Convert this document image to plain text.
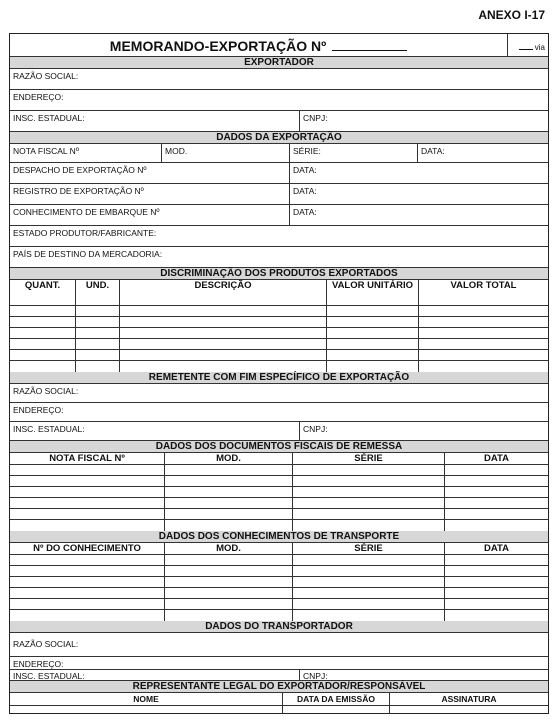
ANEXO I-17
MEMORANDO-EXPORTAÇÃO Nº	via
EXPORTADOR
RAZÃO SOCIAL:
ENDEREÇO:
INSC. ESTADUAL:	CNPJ:
DADOS DA EXPORTAÇÃO
NOTA FISCAL Nº	MOD.	SÉRIE:	DATA:
DESPACHO DE EXPORTAÇÃO Nº	DATA:
REGISTRO DE EXPORTAÇÃO Nº	DATA:
CONHECIMENTO DE EMBARQUE Nº	DATA:
ESTADO PRODUTOR/FABRICANTE:
PAÍS DE DESTINO DA MERCADORIA:
DISCRIMINAÇÃO DOS PRODUTOS EXPORTADOS
QUANT.	UND.	DESCRIÇÃO	VALOR UNITÁRIO	VALOR TOTAL
REMETENTE COM FIM ESPECÍFICO DE EXPORTAÇÃO
RAZÃO SOCIAL:
ENDEREÇO:
INSC. ESTADUAL:	CNPJ:
DADOS DOS DOCUMENTOS FISCAIS DE REMESSA
NOTA FISCAL Nº	MOD.	SÉRIE	DATA
DADOS DOS CONHECIMENTOS DE TRANSPORTE
Nº DO CONHECIMENTO	MOD.	SÉRIE	DATA
DADOS DO TRANSPORTADOR
RAZÃO SOCIAL:
ENDEREÇO:
INSC. ESTADUAL:	CNPJ:
REPRESENTANTE LEGAL DO EXPORTADOR/RESPONSÁVEL
NOME	DATA DA EMISSÃO	ASSINATURA
